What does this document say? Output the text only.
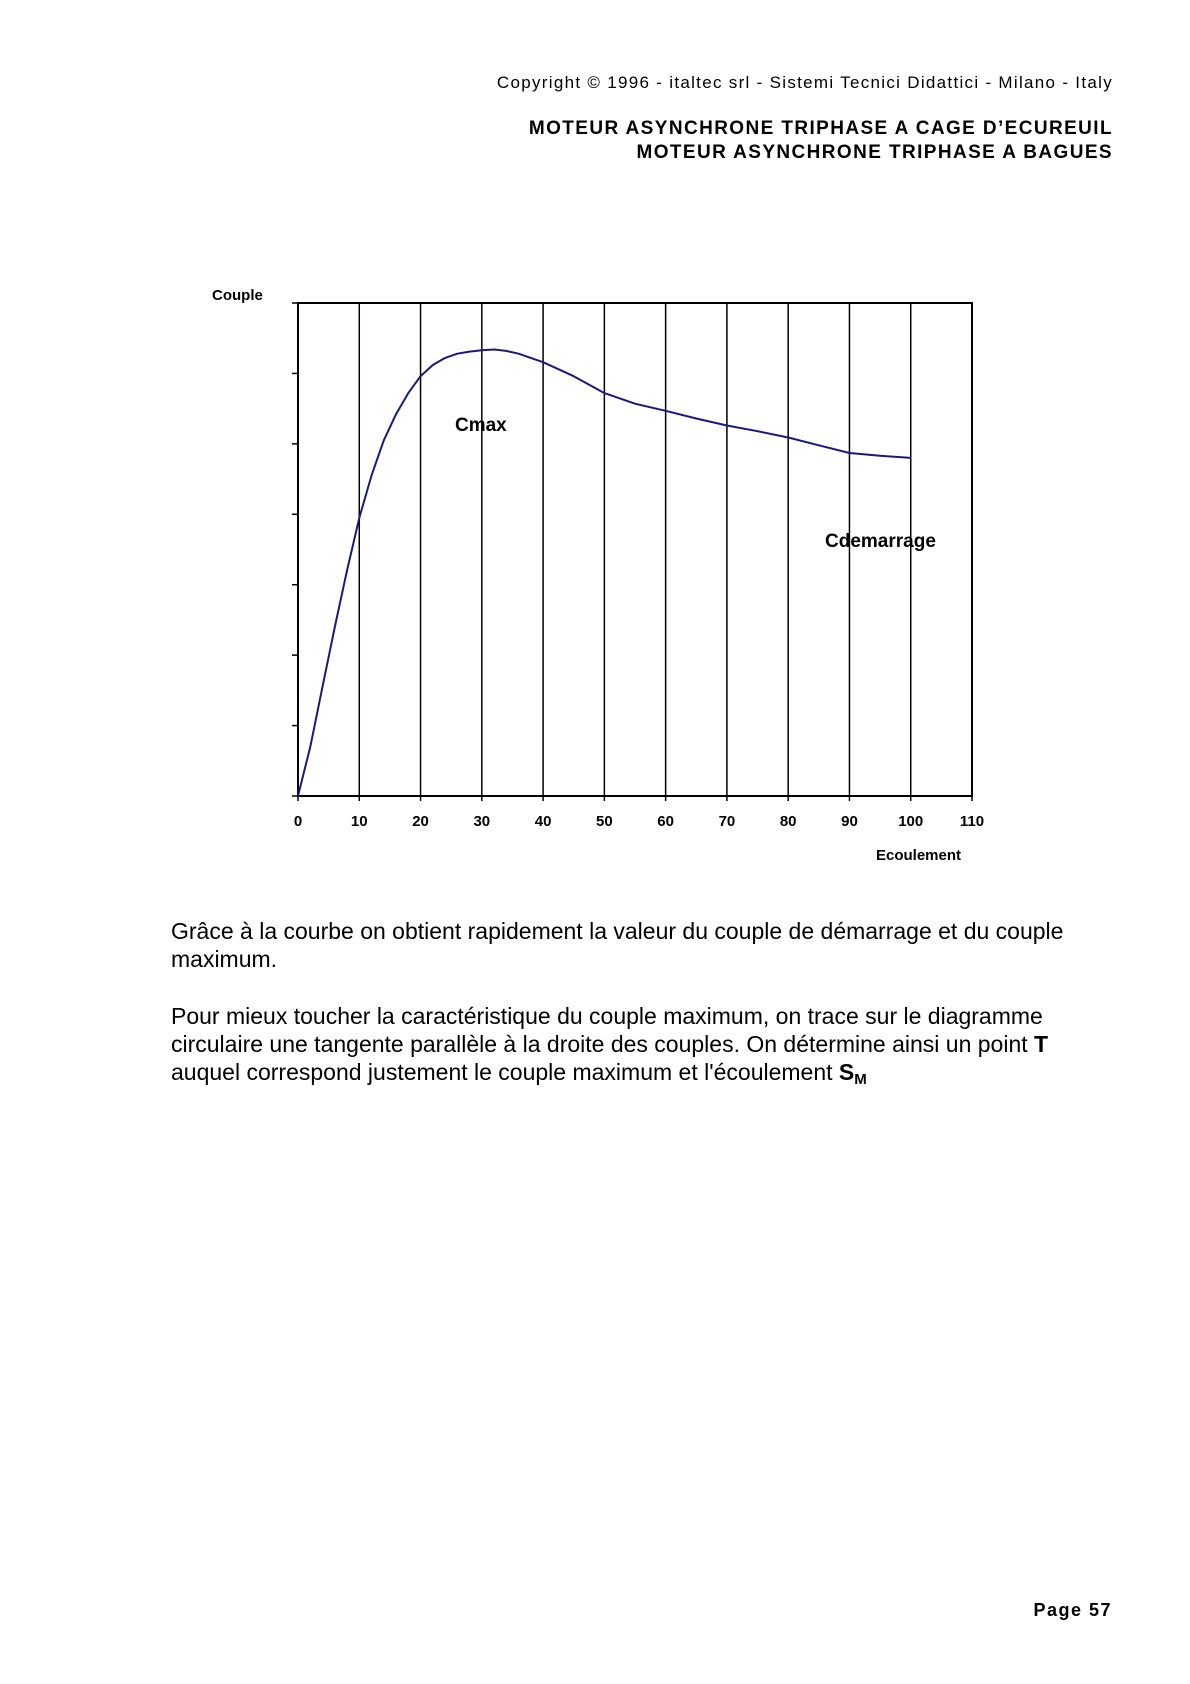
Copyright © 1996 - italtec srl - Sistemi Tecnici Didattici - Milano - Italy
MOTEUR ASYNCHRONE TRIPHASE A CAGE D’ECUREUIL
MOTEUR ASYNCHRONE TRIPHASE A BAGUES
Couple
0	10	20	30	40	50	60	70	80	90	100 110
Cmax
Cdemarrage
Ecoulement

Grâce à la courbe on obtient rapidement la valeur du couple de démarrage et du couple maximum.

Pour mieux toucher la caractéristique du couple maximum, on trace sur le diagramme circulaire une tangente parallèle à la droite des couples. On détermine ainsi un point T auquel correspond justement le couple maximum et l'écoulement $S_M$

Page 57
